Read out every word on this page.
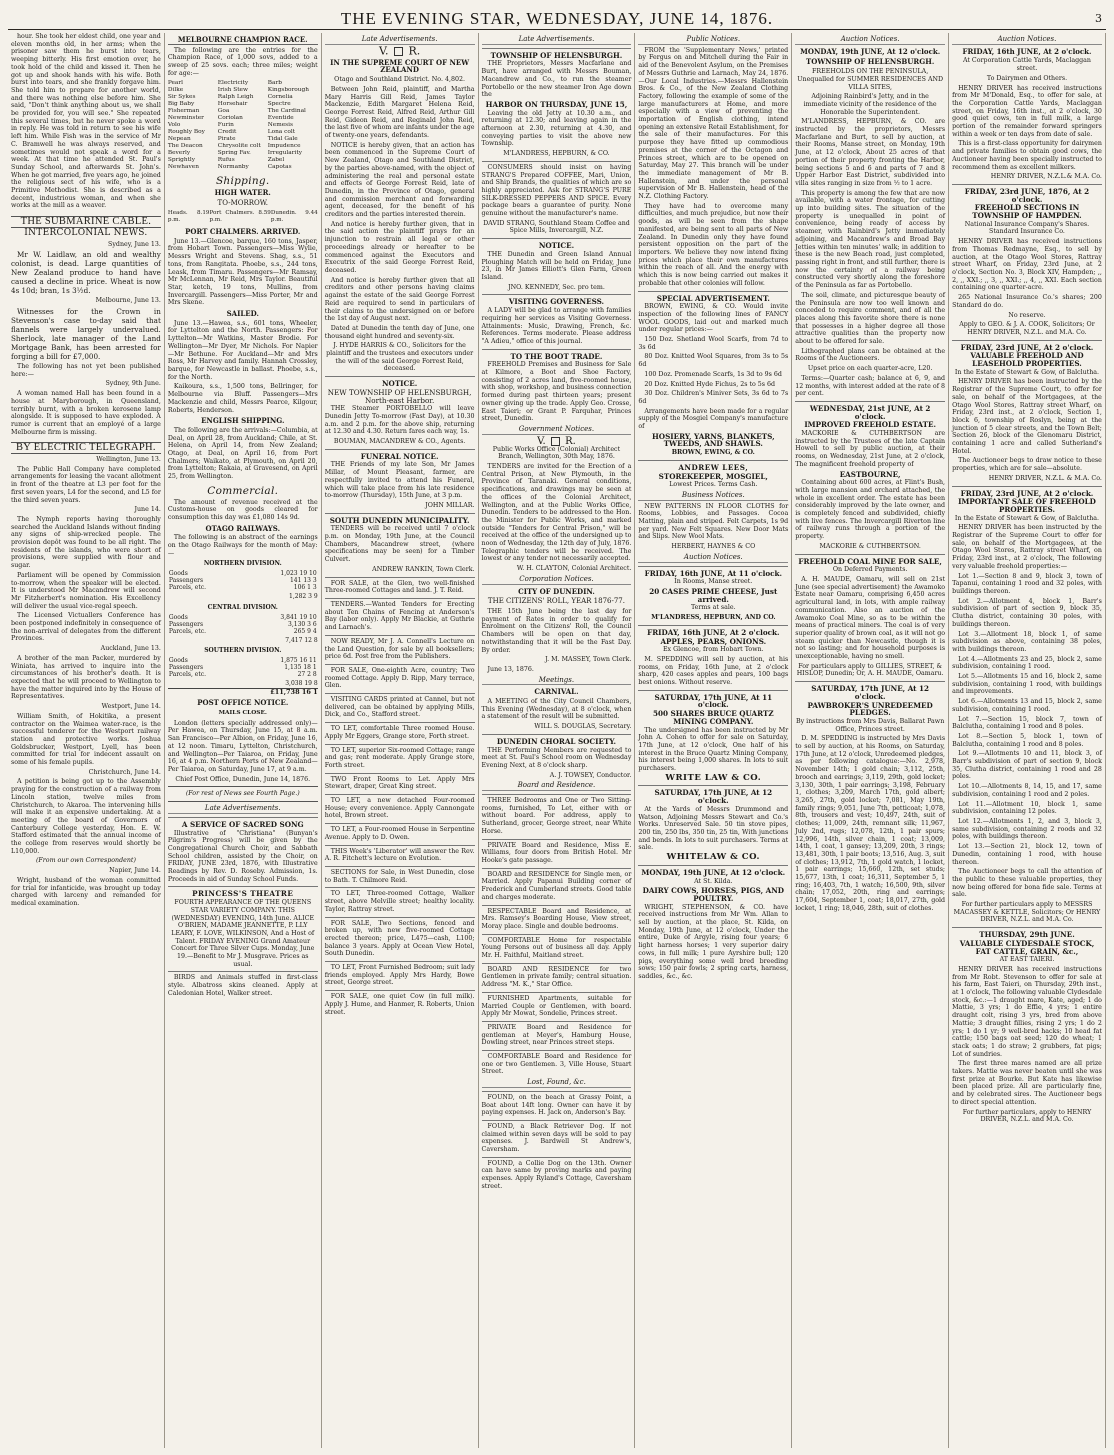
THE EVENING STAR, WEDNESDAY, JUNE 14, 1876.	3

hour. She took her eldest child, one year and eleven months old, in her arms; when the prisoner saw them he burst into tears, weeping bitterly. His first emotion over, he took hold of the child and kissed it. Then he got up and shook hands with his wife. Both burst into tears, and she frankly forgave him. She told him to prepare for another world, and there was nothing else before him. She said, "Don't think anything about us, we shall be provided for, you will see." She repeated this several times, but he never spoke a word in reply. He was told in return to see his wife left him. While Fish was in the service of Mr C. Bramwell he was always reserved, and sometimes would not speak a word for a week. At that time he attended St. Paul's Sunday School, and afterwards St. John's. When he got married, five years ago, he joined the religious sect of his wife, who is a Primitive Methodist. She is described as a decent, industrious woman, and when she works at the mill as a weaver.

THE SUBMARINE CABLE.
INTERCOLONIAL NEWS.

Sydney, June 13.

Mr W. Laidlaw, an old and wealthy colonist, is dead. Large quantities of New Zealand produce to hand have caused a decline in price. Wheat is now 4s 10d; bran, 1s 3½d.

Melbourne, June 13.

Witnesses for the Crown in Stevenson's case to-day said that flannels were largely undervalued. Sherlock, late manager of the Land Mortgage Bank, has been arrested for forging a bill for £7,000.

The following has not yet been published here:—

Sydney, 9th June.

A woman named Hall has been found in a house at Maryborough, in Queensland, terribly burnt, with a broken kerosene lamp alongside. It is supposed to have exploded. A rumor is current that an employé of a large Melbourne firm is missing.

BY ELECTRIC TELEGRAPH.

Wellington, June 13.

The Public Hall Company have completed arrangements for leasing the vacant allotment in front of the theatre at L3 per foot for the first seven years, L4 for the second, and L5 for the third seven years.

June 14.

The Nymph reports having thoroughly searched the Auckland Islands without finding any signs of ship-wrecked people. The provision depôt was found to be all right. The residents of the islands, who were short of provisions, were supplied with flour and sugar.

Parliament will be opened by Commission to-morrow, when the speaker will be elected. It is understood Mr Macandrew will second Mr Fitzherbert's nomination. His Excellency will deliver the usual vice-regal speech.

The Licensed Victuallers Conference has been postponed indefinitely in consequence of the non-arrival of delegates from the different Provinces.

Auckland, June 13.

A brother of the man Packer, murdered by Winiata, has arrived to inquire into the circumstances of his brother's death. It is expected that he will proceed to Wellington to have the matter inquired into by the House of Representatives.

Westport, June 14.

William Smith, of Hokitika, a present contractor on the Waimea water-race, is the successful tenderer for the Westport railway station and protective works. Joshua Goldsbrucker, Westport, Lyell, has been committed for trial for indecent assault on some of his female pupils.

Christchurch, June 14.

A petition is being got up to the Assembly praying for the construction of a railway from Lincoln station, twelve miles from Christchurch, to Akaroa. The intervening hills will make it an expensive undertaking. At a meeting of the board of Governors of Canterbury College yesterday, Hon. E. W. Stafford estimated that the annual income of the college from reserves would shortly be L10,000.

(From our own Correspondent)

Napier, June 14.

Wright, husband of the woman committed for trial for infanticide, was brought up today charged with larceny and remanded for medical examination.

MELBOURNE CHAMPION RACE.

The following are the entries for the Champion Race, of 1,000 sovs, added to a sweep of 25 sovs. each; three miles; weight for age:—

Pearl	Electricity	Barb
Dilke	Irish Stew	Kingsborough
Sir Sykes	Ralph Leigh	Cornelia
Big Baby	Horsehair	Spectre
Fisherman	Goa	The Cardinal
Newminster	Coriolan	Eventide
Volo	Furin	Nemesis
Roughly Boy	Credit	Lona colt
Nepean	Pirate	Tidal Gale
The Deacon	Chrysolite colt	Impudence
Beverly	Spring Fav.	Irregularity
Sprightly	Rufus	Zabel
Newhaven	Normanby	Capotas
Shipping.
HIGH WATER.
TO-MORROW.
Heads. 8.19 p.m.
Port Chalmers. 8.59 p.m.
Dunedin. 9.44 p.m.
PORT CHALMERS. ARRIVED.

June 13.—Glencoe, barque, 160 tons, Jasper, from Hobart Town. Passengers—Miss Wylie, Messrs Wright and Stevens. Shag, s.s., 51 tons, from Rangitata. Phoebe, s.s., 244 tons, Leask, from Timaru. Passengers—Mr Ramsay, Mr McLennan, Mr Reid, Mrs Taylor. Beautiful Star, ketch, 19 tons, Mullins, from Invercargill. Passengers—Miss Porter, Mr and Mrs Skene.

SAILED.

June 13.—Hawea, s.s., 601 tons, Wheeler, for Lyttelton and the North. Passengers: For Lyttelton—Mr Watkins, Master Brodie. For Wellington—Mr Dyer, Mr Nichols. For Napier—Mr Bethune. For Auckland—Mr and Mrs Ross, Mr Harvey and family. Hannah Crossley, barque, for Newcastle in ballast. Phoebe, s.s., for the North.

Kaikoura, s.s., 1,500 tons, Bellringer, for Melbourne via Bluff. Passengers—Mrs Mackenzie and child, Messrs Pearce, Kilgour, Roberts, Henderson.

ENGLISH SHIPPING.

The following are the arrivals:—Columbia, at Deal, on April 28, from Auckland; Chile, at St. Helena, on April 14, from New Zealand; Otago, at Deal, on April 16, from Port Chalmers; Waikato, at Plymouth, on April 20, from Lyttelton; Rakaia, at Gravesend, on April 25, from Wellington.

Commercial.

The amount of revenue received at the Customs-house on goods cleared for consumption this day was £1,080 14s 9d.

OTAGO RAILWAYS.

The following is an abstract of the earnings on the Otago Railways for the month of May:—

NORTHERN DIVISION.
Goods	1,023 19 10
Passengers	141 13 3
Parcels, etc.	106 1 3
1,282 3 9
CENTRAL DIVISION.
Goods	3,841 19 10
Passengers	3,130 3 6
Parcels, etc.	265 9 4
7,417 12 8
SOUTHERN DIVISION.
Goods	1,875 16 11
Passengers	1,135 18 1
Parcels, etc.	27 2 8
3,038 19 8
£11,738 16 1
POST OFFICE NOTICE.
MAILS CLOSE.

London (letters specially addressed only)—Per Hawea, on Thursday, June 15, at 8 a.m. San Francisco—Per Albion, on Friday, June 16, at 12 noon. Timaru, Lyttelton, Christchurch, and Wellington—Per Taiaroa, on Friday, June 16, at 4 p.m. Northern Ports of New Zealand—Per Taiaroa, on Saturday, June 17, at 9 a.m.

Chief Post Office, Dunedin, June 14, 1876.

(For rest of News see Fourth Page.)

Late Advertisements.
A SERVICE OF SACRED SONG

Illustrative of "Christiana" (Bunyan's Pilgrim's Progress) will be given by the Congregational Church Choir, and Sabbath School children, assisted by the Choir, on FRIDAY, JUNE 23rd, 1876, with Illustrative Readings by Rev. D. Roseby. Admission, 1s. Proceeds in aid of Sunday School Funds.

PRINCESS'S THEATRE

FOURTH APPEARANCE OF THE QUEENS STAR VARIETY COMPANY. THIS (WEDNESDAY) EVENING, 14th June. ALICE O'BRIEN, MADAME JEANNETTE, P. LLY LEARY, F. LOVE, WILKINSON, And a Host of Talent. FRIDAY EVENING Grand Amateur Concert for Three Silver Cups. Monday, June 19.—Benefit to Mr J. Musgrave. Prices as usual.

BIRDS and Animals stuffed in first-class style. Albatross skins cleaned. Apply at Caledonian Hotel, Walker street.

Late Advertisements.
V.  R.
IN THE SUPREME COURT OF NEW ZEALAND

Otago and Southland District. No. 4,802.

Between John Reid, plaintiff, and Martha Mary Harris Gill Reid, James Taylor Mackenzie, Edith Margaret Helena Reid, George Forrest Reid, Alfred Reid, Arthur Gill Reid, Gideon Reid, and Reginald John Reid, the last five of whom are infants under the age of twenty-one years, defendants.

NOTICE is hereby given, that an action has been commenced in the Supreme Court of New Zealand, Otago and Southland District, by the parties above-named, with the object of administering the real and personal estate and effects of George Forrest Reid, late of Dunedin, in the Province of Otago, general and commission merchant and forwarding agent, deceased, for the benefit of his creditors and the parties interested therein.

And notice is hereby further given, that in the said action the plaintiff prays for an injunction to restrain all legal or other proceedings already or hereafter to be commenced against the Executors and Executrix of the said George Forrest Reid, deceased.

And notice is hereby further given that all creditors and other persons having claims against the estate of the said George Forrest Reid are required to send in particulars of their claims to the undersigned on or before the 1st day of August next.

Dated at Dunedin the tenth day of June, one thousand eight hundred and seventy-six.

J. HYDE HARRIS & CO., Solicitors for the plaintiff and the trustees and executors under the will of the said George Forrest Reid, deceased.

NOTICE.
NEW TOWNSHIP OF HELENSBURGH, North-east Harbor.

THE Steamer PORTOBELLO will leave Dunedin Jetty To-morrow (Fast Day), at 10.30 a.m. and 2 p.m. for the above ship, returning at 12.30 and 4.30. Return fares each way, 1s.

BOUMAN, MACANDREW & CO., Agents.

FUNERAL NOTICE.

THE Friends of my late Son, Mr James Millar, of Mount Pleasant, farmer, are respectfully invited to attend his Funeral, which will take place from his late residence to-morrow (Thursday), 15th June, at 3 p.m.

JOHN MILLAR.

SOUTH DUNEDIN MUNICIPALITY.

TENDERS will be received until 7 o'clock p.m. on Monday, 19th June, at the Council Chambers, Macandrew street, (where specifications may be seen) for a Timber Culvert.

ANDREW RANKIN, Town Clerk.

FOR SALE, at the Glen, two well-finished Three-roomed Cottages and land. J. T. Reid.

TENDERS.—Wanted Tenders for Erecting about Ten Chains of Fencing at Anderson's Bay (labor only). Apply Mr Blackie, at Guthrie and Larnach's.

NOW READY, Mr J. A. Connell's Lecture on the Land Question, for sale by all booksellers; price 6d. Post free from the Publishers.

FOR SALE, One-eighth Acre, country; Two roomed Cottage. Apply D. Ripp, Mary terrace, Glen.

VISITING CARDS printed at Cannel, but not delivered, can be obtained by applying Mills, Dick, and Co., Stafford street.

TO LET, comfortable Three roomed House. Apply Mr Eggers, Grange store, Forth street.

TO LET, superior Six-roomed Cottage; range and gas; rent moderate. Apply Grange store, Forth street.

TWO Front Rooms to Let. Apply Mrs Stewart, draper, Great King street.

TO LET, a new detached Four-roomed House; every convenience. Apply Cannongate hotel, Brown street.

TO LET, a Four-roomed House in Serpentine Avenue. Apply to D. Owen.

THIS Week's 'Liberator' will answer the Rev. A. R. Fitchett's lecture on Evolution.

SECTIONS for Sale, in West Dunedin, close to Bath. T. Chilmore Reid.

TO LET, Three-roomed Cottage, Walker street, above Melville street; healthy locality. Taylor, Rattray street.

FOR SALE, Two Sections, fenced and broken up, with new five-roomed Cottage erected thereon; price, L475—cash, L100; balance 3 years. Apply at Ocean View Hotel, South Dunedin.

TO LET, Front Furnished Bedroom; suit lady friends employed. Apply Mrs Hardy, Bowe street, George street.

FOR SALE, one quiet Cow (in full milk). Apply J. Hume, and Hanmer, R. Roberts, Union street.

Late Advertisements.
TOWNSHIP OF HELENSBURGH.

THE Proprietors, Messrs Macfarlane and Burt, have arranged with Messrs Bouman, Macandrew and Co., to run the steamer Portobello or the new steamer Iron Age down the

HARBOR ON THURSDAY, JUNE 15,

Leaving the old Jetty at 10.30 a.m., and returning at 12.30; and leaving again in the afternoon at 2.30, returning at 4.30, and conveying parties to visit the above new Township.

M'LANDRESS, HEPBURN, & CO.

CONSUMERS should insist on having STRANG'S Prepared COFFEE, Mari, Union, and Ship Brands, the qualities of which are so highly appreciated. Ask for STRANG'S PURE SILK-DRESSED PEPPERS AND SPICE. Every package bears a guarantee of purity. None genuine without the manufacturer's name.

DAVID STRANG, Southland Steam Coffee and Spice Mills, Invercargill, N.Z.

NOTICE.

THE Dunedin and Green Island Annual Ploughing Match will be held on Friday, June 23, in Mr James Elliott's Glen Farm, Green Island.

JNO. KENNEDY, Sec. pro tem.

VISITING GOVERNESS.

A LADY will be glad to arrange with families requiring her services as Visiting Governess. Attainments: Music, Drawing, French, &c. References. Terms moderate. Please address "A Adieu," office of this journal.

TO THE BOOT TRADE.

FREEHOLD Premises and Business for Sale at Kilmore, a Boot and Shoe Factory, consisting of 2 acres land, five-roomed house, with shop, workshop, and business connection formed during past thirteen years; present owner giving up the trade. Apply Geo. Crosse, East Taieri; or Grant P. Farquhar, Princes street, Dunedin.

Government Notices.
V.  R.

Public Works Office (Colonial) Architect Branch, Wellington, 30th May, 1876.

TENDERS are invited for the Erection of a Central Prison, at New Plymouth, in the Province of Taranaki. General conditions, specifications, and drawings may be seen at the offices of the Colonial Architect, Wellington, and at the Public Works Office, Dunedin. Tenders to be addressed to the Hon. the Minister for Public Works, and marked outside "Tenders for Central Prison," will be received at the office of the undersigned up to noon of Wednesday, the 12th day of July, 1876. Telegraphic tenders will be received. The lowest or any tender not necessarily accepted.

W. H. CLAYTON, Colonial Architect.

Corporation Notices.
CITY OF DUNEDIN.
THE CITIZENS' ROLL, YEAR 1876-77.

THE 15th June being the last day for payment of Rates in order to qualify for Enrolment on the Citizens' Roll, the Council Chambers will be open on that day, notwithstanding that it will be the Fast Day. By order.

J. M. MASSEY, Town Clerk.

June 13, 1876.

Meetings.
CARNIVAL.

A MEETING of the City Council Chambers, This Evening (Wednesday), at 8 o'clock, when a statement of the result will be submitted.

WILL S. DOUGLAS, Secretary.

DUNEDIN CHORAL SOCIETY.

THE Performing Members are requested to meet at St. Paul's School room on Wednesday Evening Next, at 8 o'clock sharp.

A. J. TOWSEY, Conductor.

Board and Residence.

THREE Bedrooms and One or Two Sitting-rooms, furnished, To Let, either with or without board. For address, apply to Sutherland, grocer, George street, near White Horse.

PRIVATE Board and Residence, Miss E. Williams, four doors from British Hotel. Mr Hooke's gate passage.

BOARD and RESIDENCE for Single men, or Married. Apply Papanui Building corner of Frederick and Cumberland streets. Good table and charges moderate.

RESPECTABLE Board and Residence, at Mrs. Ramsey's Boarding House, View street, Moray place. Single and double bedrooms.

COMFORTABLE Home for respectable Young Persons out of business all day. Apply Mr. H. Faithful, Maitland street.

BOARD AND RESIDENCE for two Gentlemen in private family; central situation. Address "M. K.," Star Office.

FURNISHED Apartments, suitable for Married Couple or Gentlemen, with board. Apply Mr Mowat, Sondelie, Princes street.

PRIVATE Board and Residence for gentleman at Meyer's, Hamburg House, Dowling street, near Princes street steps.

COMFORTABLE Board and Residence for one or two Gentlemen. 3, Ville House, Stuart Street.

Lost, Found, &c.

FOUND, on the beach at Grassy Point, a Boat about 14ft long. Owner can have it by paying expenses. H. Jack on, Anderson's Bay.

FOUND, a Black Retriever Dog. If not claimed within seven days will be sold to pay expenses. J. Bardwell St Andrew's, Caversham.

FOUND, a Collie Dog on the 13th. Owner can have same by proving marks and paying expenses. Apply Ryland's Cottage, Caversham street.

Public Notices.

FROM the 'Supplementary News,' printed by Fergus on and Mitchell during the Fair in aid of the Benevolent Asylum, on the Premises of Messrs Guthrie and Larnach, May 24, 1876.—Our Local Industries.—Messrs Hallenstein Bros. & Co., of the New Zealand Clothing Factory, following the example of some of the large manufacturers at Home, and more especially with a view of preventing the importation of English clothing, intend opening an extensive Retail Establishment, for the sale of their manufactures. For this purpose they have fitted up commodious premises at the corner of the Octagon and Princes street, which are to be opened on Saturday, May 27. This branch will be under the immediate management of Mr B. Hallenstein, and under the personal supervision of Mr B. Hallenstein, head of the N.Z. Clothing Factory.

They have had to overcome many difficulties, and much prejudice, but now their goods, as will be seen from the shape manifested, are being sent to all parts of New Zealand. In Dunedin only they have found persistent opposition on the part of the importers. We believe they now intend fixing prices which place their own manufactures within the reach of all. And the energy with which this is now being carried out makes it probable that other colonies will follow.

SPECIAL ADVERTISEMENT.

BROWN, EWING, & CO. Would invite inspection of the following lines of FANCY WOOL GOODS, laid out and marked much under regular prices:—

150 Doz. Shetland Wool Scarfs, from 7d to 3s 6d

80 Doz. Knitted Wool Squares, from 3s to 5s 6d

100 Doz. Promenade Scarfs, 1s 3d to 9s 6d

20 Doz. Knitted Hyde Fichus, 2s to 5s 6d

30 Doz. Children's Miniver Sets, 3s 6d to 7s 6d

Arrangements have been made for a regular supply of the Mosgiel Company's manufacture of

HOSIERY, YARNS, BLANKETS, TWEEDS, AND SHAWLS.

BROWN, EWING, & CO.

ANDREW LEES,
STOREKEEPER, MOSGIEL,

Lowest Prices. Terms Cash.

Business Notices.

NEW PATTERNS IN FLOOR CLOTHS for Rooms, Lobbies, and Passages. Cocoa Matting, plain and striped. Felt Carpets, 1s 9d per yard. New Felt Squares. New Door Mats and Slips. New Wool Mats.

HERBERT, HAYNES & CO

Auction Notices.
FRIDAY, 16th JUNE, At 11 o'clock.

In Rooms, Manse street.

20 CASES PRIME CHEESE, Just arrived.

Terms at sale.

M'LANDRESS, HEPBURN, AND CO.

FRIDAY, 16th JUNE, At 2 o'clock.
APPLES, PEARS, ONIONS.

Ex Glencoe, from Hobart Town.

M. SPEDDING will sell by auction, at his rooms, on Friday, 16th June, at 2 o'clock sharp, 420 cases apples and pears, 100 bags best onions. Without reserve.

SATURDAY, 17th JUNE, At 11 o'clock.
500 SHARES BRUCE QUARTZ MINING COMPANY.

The undersigned has been instructed by Mr John A. Cohen to offer for sale on Saturday, 17th June, at 12 o'clock, One half of his interest in the Bruce Quartz Mining Company, his interest being 1,000 shares. In lots to suit purchasers.

WRITE LAW & CO.

SATURDAY, 17th JUNE, At 12 o'clock.

At the Yards of Messrs Drummond and Watson, Adjoining Messrs Stewart and Co.'s Works. Unreserved Sale. 50 tin stove pipes, 200 tin, 250 lbs, 350 tin, 25 tin, With junctions and bends. In lots to suit purchasers. Terms at sale.

WHITELAW & CO.

MONDAY, 19th JUNE, At 12 o'clock.

At St. Kilda.

DAIRY COWS, HORSES, PIGS, AND POULTRY.

WRIGHT, STEPHENSON, & CO. have received instructions from Mr Wm. Allan to sell by auction, at the place, St. Kilda, on Monday, 19th June, at 12 o'clock, Under the entire, Duke of Argyle, rising four years; 6 light harness horses; 1 very superior dairy cows, in full milk; 1 pure Ayrshire bull; 120 pigs, everything some well bred breeding sows; 150 pair fowls; 2 spring carts, harness, saddles, &c., &c.

Auction Notices.
MONDAY, 19th JUNE, At 12 o'clock.
TOWNSHIP OF HELENSBURGH.

FREEHOLDS ON THE PENINSULA, Unequalled for SUMMER RESIDENCES AND VILLA SITES,

Adjoining Rainbird's Jetty, and in the immediate vicinity of the residence of the Honorable the Superintendent.

M'LANDRESS, HEPBURN, & CO. are instructed by the proprietors, Messrs Macfarlane and Burt, to sell by auction, at their Rooms, Manse street, on Monday, 19th June, at 12 o'clock, About 25 acres of that portion of their property fronting the Harbor, being sections 5 and 6 and parts of 7 and 8 Upper Harbor East District, subdivided into villa sites ranging in size from ½ to 1 acre.

This property is among the few that are now available, with a water frontage, for cutting up into building sites. The situation of the property is unequalled in point of convenience, being ready of access by steamer, with Rainbird's Jetty immediately adjoining, and Macandrew's and Broad Bay Jetties within ten minutes' walk; in addition to these is the new Beach road, just completed, passing right in front, and still further, there is now the certainty of a railway being constructed very shortly along the foreshore of the Peninsula as far as Portobello.

The soil, climate, and picturesque beauty of the Peninsula are now too well known and conceded to require comment, and of all the places along this favorite shore there is none that possesses in a higher degree all those attractive qualities than the property now about to be offered for sale.

Lithographed plans can be obtained at the Rooms of the Auctioneers.

Upset price on each quarter-acre, L20.

Terms:—Quarter cash; balance at 6, 9, and 12 months, with interest added at the rate of 8 per cent.

WEDNESDAY, 21st JUNE, At 2 o'clock.
IMPROVED FREEHOLD ESTATE.

MACKORIE & CUTHBERTSON are instructed by the Trustees of the late Captain Howell to sell by public auction, at their rooms, on Wednesday, 21st June, at 2 o'clock, The magnificent freehold property of

EASTBOURNE,

Containing about 600 acres, at Flint's Bush, with large mansion and orchard attached, the whole in excellent order. The estate has been considerably improved by the late owner, and is completely fenced and subdivided, chiefly with live fences. The Invercargill Riverton line of railway runs through a portion of the property.

MACKORIE & CUTHBERTSON.

FREEHOLD COAL MINE FOR SALE,

On Deferred Payments.

A. H. MAUDE, Oamaru, will sell on 21st June (see special advertisement) the Awamoko Estate near Oamaru, comprising 6,450 acres agricultural land, in lots, with ample railway communication. Also an auction of the Awamoko Coal Mine, so as to be within the means of practical miners. The coal is of very superior quality of brown coal, as it will not go steam quicker than Newcastle, though it is not so lasting; and for household purposes is unexceptionable, having no smell.

For particulars apply to GILLIES, STREET, & HISLOP, Dunedin; Or, A. H. MAUDE, Oamaru.

SATURDAY, 17th JUNE, At 12 o'clock.
PAWBROKER'S UNREDEEMED PLEDGES.

By instructions from Mrs Davis, Ballarat Pawn Office, Princes street.

D. M. SPEDDING is instructed by Mrs Davis to sell by auction, at his Rooms, on Saturday, 17th June, at 12 o'clock, Unredeemed pledges, as per following catalogue:—No. 2,978, November 14th; 1 gold chain; 3,112, 25th, brooch and earrings; 3,119, 29th, gold locket; 3,130, 30th, 1 pair earrings; 3,198, February 1, clothes; 3,209, March 17th, gold albert; 3,265, 27th, gold locket; 7,081, May 19th, family rings; 9,051, June 7th, petticoat; 1,078, 8th, trousers and vest; 10,497, 24th, suit of clothes; 11,009, 24th, remnant silk; 11,967, July 2nd, rugs; 12,078, 12th, 1 pair spurs; 12,996, 14th, silver chain, 1 coat; 13,009, 14th, 1 coat, 1 gansey; 13,209, 20th, 3 rings; 13,481, 30th, 1 pair boots; 13,516, Aug. 3, suit of clothes; 13,912, 7th, 1 gold watch, 1 locket, 1 pair earrings; 15,660, 12th, set studs; 15,677, 13th, 1 coat; 16,311, September 5, 1 ring; 16,403, 7th, 1 watch; 16,500, 9th, silver chain; 17,052, 20th, ring and earrings; 17,604, September 1, coat; 18,017, 27th, gold locket, 1 ring; 18,046, 28th, suit of clothes.

Auction Notices.
FRIDAY, 16th JUNE, At 2 o'clock.

At Corporation Cattle Yards, Maclaggan street.

To Dairymen and Others.

HENRY DRIVER has received instructions from Mr M'Donald, Esq., to offer for sale, at the Corporation Cattle Yards, Maclaggan street, on Friday, 16th inst., at 2 o'clock, 30 good quiet cows, ten in full milk, a large portion of the remainder forward springers within a week or ten days from date of sale.

This is a first-class opportunity for dairymen and private families to obtain good cows, the Auctioneer having been specially instructed to recommend them as excellent milkers.

HENRY DRIVER, N.Z.L.& M.A. Co.

FRIDAY, 23rd JUNE, 1876, At 2 o'clock.
FREEHOLD SECTIONS IN TOWNSHIP OF HAMPDEN.

National Insurance Company's Shares. Standard Insurance Co.

HENRY DRIVER has received instructions from Thomas Redmayne, Esq., to sell by auction, at the Otago Wool Stores, Rattray street Wharf, on Friday, 23rd June, at 2 o'clock, Section No. 3, Block XIV, Hampden; ,, 2, ,, XXI.; ,, 3, ,, XXI.; ,, 4, ,, XXI. Each section containing one quarter-acre.

265 National Insurance Co.'s shares; 200 Standard do do.

No reserve.

Apply to GEO. & J. A. COOK, Solicitors; Or HENRY DRIVER, N.Z.L. and M.A. Co.

FRIDAY, 23rd JUNE, At 2 o'clock.
VALUABLE FREEHOLD AND LEASEHOLD PROPERTIES.

In the Estate of Stewart & Gow, of Balclutha.

HENRY DRIVER has been instructed by the Registrar of the Supreme Court, to offer for sale, on behalf of the Mortgagees, at the Otago Wool Stores, Rattray street Wharf, on Friday, 23rd inst., at 2 o'clock, Section 1, block 6, township of Roslyn, being at the junction of 5 clear streets, and the Town Belt; Section 26, block of the Glenomaru District, containing 1 acre and called Sutherland's Hotel.

The Auctioneer begs to draw notice to these properties, which are for sale—absolute.

HENRY DRIVER, N.Z.L. & M.A. Co.

FRIDAY, 23rd JUNE, At 2 o'clock.
IMPORTANT SALE OF FREEHOLD PROPERTIES.

In the Estate of Stewart & Gow, of Balclutha.

HENRY DRIVER has been instructed by the Registrar of the Supreme Court to offer for sale, on behalf of the Mortgagees, at the Otago Wool Stores, Rattray street Wharf, on Friday, 23rd inst., at 2 o'clock, The following very valuable freehold properties:—

Lot 1.—Section 8 and 9, block 3, town of Tapanui, containing 1 rood and 32 poles, with buildings thereon.

Lot 2.—Allotment 4, block 1, Barr's subdivision of part of section 9, block 35, Clutha district, containing 30 poles, with buildings thereon.

Lot 3.—Allotment 18, block 1, of same subdivision as above, containing 38 poles, with buildings thereon.

Lot 4.—Allotments 23 and 25, block 2, same subdivision, containing 1 rood.

Lot 5.—Allotments 15 and 16, block 2, same subdivision, containing 1 rood, with buildings and improvements.

Lot 6.—Allotments 13 and 15, block 2, same subdivision, containing 1 rood.

Lot 7.—Section 15, block 7, town of Balclutha, containing 1 rood and 8 poles.

Lot 8.—Section 5, block 1, town of Balclutha, containing 1 rood and 8 poles.

Lot 9.—Allotments 10 and 11, block 3, of Barr's subdivision of part of section 9, block 35, Clutha district, containing 1 rood and 28 poles.

Lot 10.—Allotments 8, 14, 15, and 17, same subdivision, containing 1 rood and 2 poles.

Lot 11.—Allotment 10, block 1, same subdivision, containing 12 poles.

Lot 12.—Allotments 1, 2, and 3, block 3, same subdivision, containing 2 roods and 32 poles, with buildings thereon.

Lot 13.—Section 21, block 12, town of Dunedin, containing 1 rood, with house thereon.

The Auctioneer begs to call the attention of the public to these valuable properties, they now being offered for bona fide sale. Terms at sale.

For further particulars apply to MESSRS MACASSEY & KETTLE, Solicitors; Or HENRY DRIVER, N.Z.L. and M.A. Co.

THURSDAY, 29th JUNE.
VALUABLE CLYDESDALE STOCK, FAT CATTLE, GRAIN, &c.,

AT EAST TAIERI.

HENRY DRIVER has received instructions from Mr Robt. Stevenson to offer for sale at his farm, East Taieri, on Thursday, 29th inst., at 1 o'clock, The following valuable Clydesdale stock, &c.:—1 draught mare, Kate, aged; 1 do Mattie, 3 yrs; 1 do Effie, 4 yrs; 1 entire draught colt, rising 3 yrs, bred from above Mattie; 3 draught fillies, rising 2 yrs; 1 do 2 yrs; 1 do 1 yr; 9 well-bred hacks; 10 head fat cattle; 150 bags oat seed; 120 do wheat; 1 stack oats; 1 do straw; 2 grubbers, fat pigs; Lot of sundries.

The first three mares named are all prize takers. Mattie was never beaten until she was first prize at Bourke. But Kate has likewise been placed prize. All are particularly fine, and by celebrated sires. The Auctioneer begs to direct special attention.

For further particulars, apply to HENRY DRIVER, N.Z.L. and M.A. Co.
